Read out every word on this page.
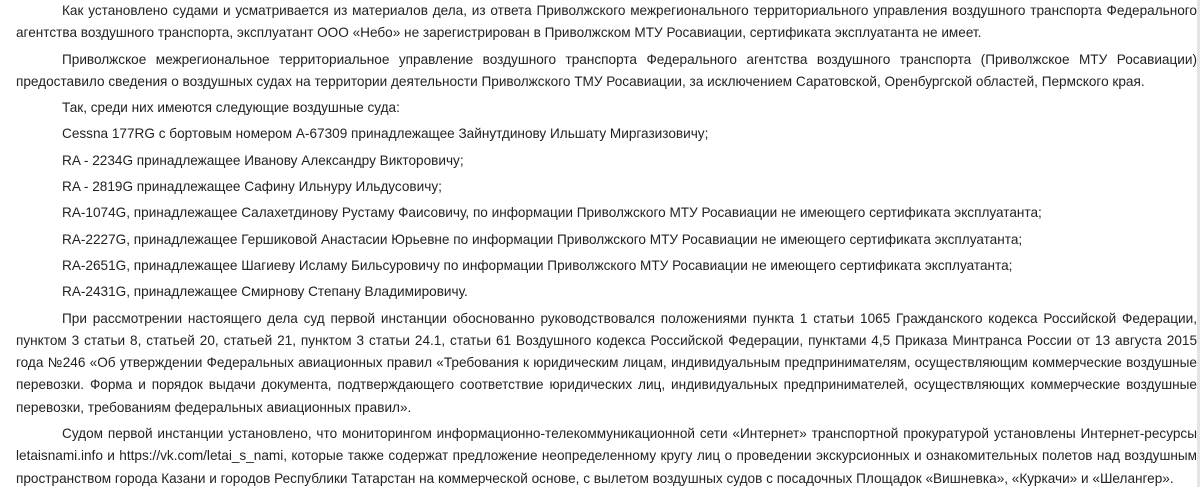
Как установлено судами и усматривается из материалов дела, из ответа Приволжского межрегионального территориального управления воздушного транспорта Федерального агентства воздушного транспорта, эксплуатант ООО «Небо» не зарегистрирован в Приволжском МТУ Росавиации, сертификата эксплуатанта не имеет.

Приволжское межрегиональное территориальное управление воздушного транспорта Федерального агентства воздушного транспорта (Приволжское МТУ Росавиации) предоставило сведения о воздушных судах на территории деятельности Приволжского ТМУ Росавиации, за исключением Саратовской, Оренбургской областей, Пермского края.

Так, среди них имеются следующие воздушные суда:

Cessna 177RG с бортовым номером А-67309 принадлежащее Зайнутдинову Ильшату Миргазизовичу;

RA - 2234G принадлежащее Иванову Александру Викторовичу;

RA - 2819G принадлежащее Сафину Ильнуру Ильдусовичу;

RA-1074G, принадлежащее Салахетдинову Рустаму Фаисовичу, по информации Приволжского МТУ Росавиации не имеющего сертификата эксплуатанта;

RA-2227G, принадлежащее Гершиковой Анастасии Юрьевне по информации Приволжского МТУ Росавиации не имеющего сертификата эксплуатанта;

RA-2651G, принадлежащее Шагиеву Исламу Бильсуровичу по информации Приволжского МТУ Росавиации не имеющего сертификата эксплуатанта;

RA-2431G, принадлежащее Смирнову Степану Владимировичу.

При рассмотрении настоящего дела суд первой инстанции обоснованно руководствовался положениями пункта 1 статьи 1065 Гражданского кодекса Российской Федерации, пунктом 3 статьи 8, статьей 20, статьей 21, пунктом 3 статьи 24.1, статьи 61 Воздушного кодекса Российской Федерации, пунктами 4,5 Приказа Минтранса России от 13 августа 2015 года №246 «Об утверждении Федеральных авиационных правил «Требования к юридическим лицам, индивидуальным предпринимателям, осуществляющим коммерческие воздушные перевозки. Форма и порядок выдачи документа, подтверждающего соответствие юридических лиц, индивидуальных предпринимателей, осуществляющих коммерческие воздушные перевозки, требованиям федеральных авиационных правил».

Судом первой инстанции установлено, что мониторингом информационно-телекоммуникационной сети «Интернет» транспортной прокуратурой установлены Интернет-ресурсы letaisnami.info и https://vk.com/letai_s_nami, которые также содержат предложение неопределенному кругу лиц о проведении экскурсионных и ознакомительных полетов над воздушным пространством города Казани и городов Республики Татарстан на коммерческой основе, с вылетом воздушных судов с посадочных Площадок «Вишневка», «Куркачи» и «Шелангер».
